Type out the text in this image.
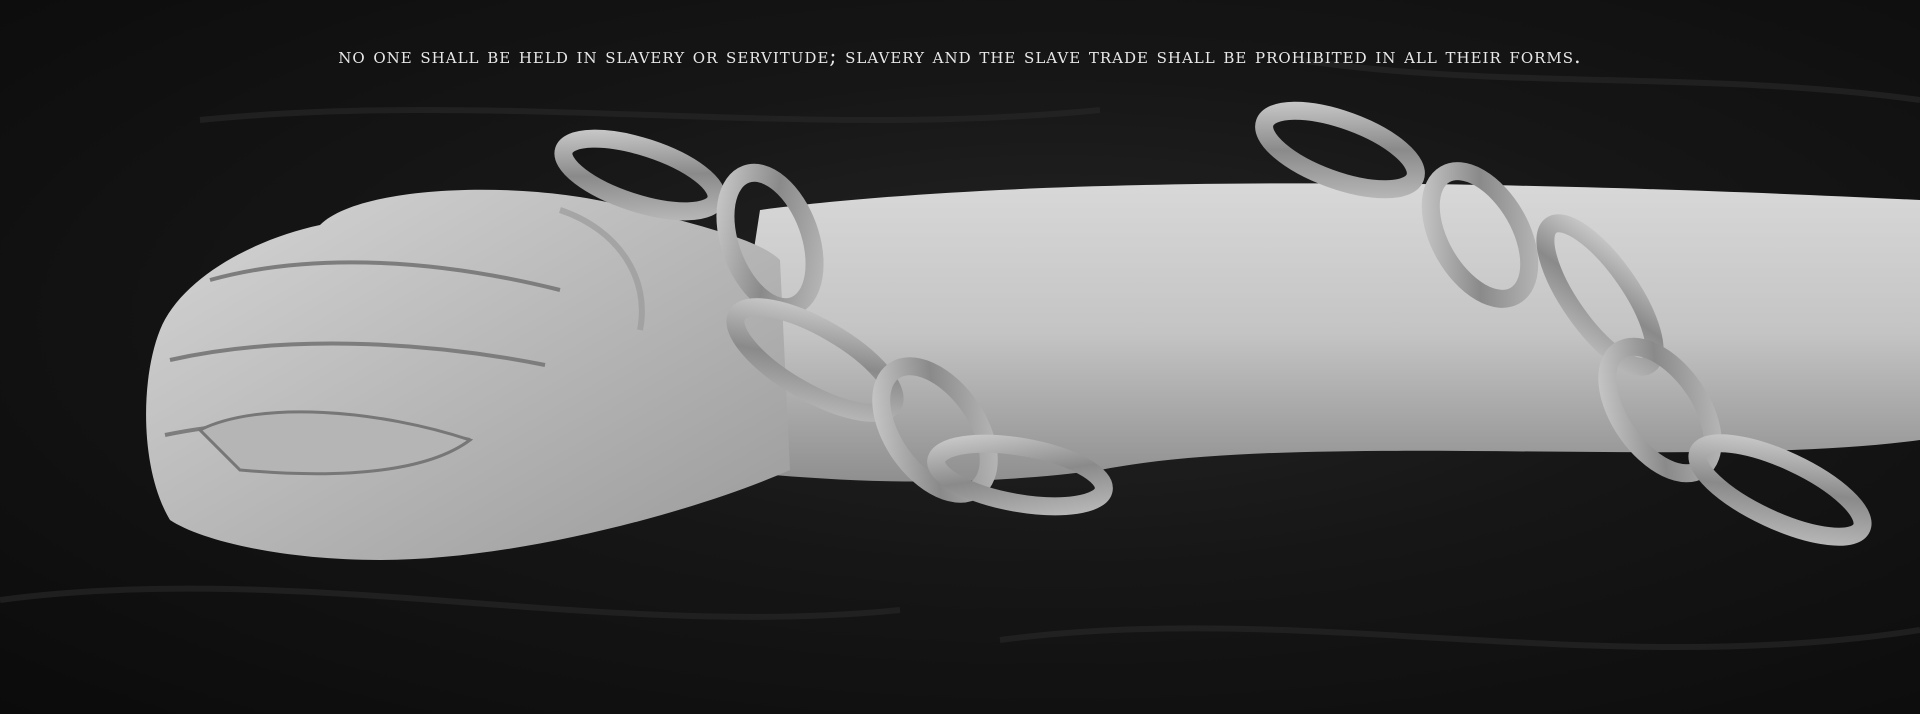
no one shall be held in slavery or servitude; slavery and the slave trade shall be prohibited in all their forms.
